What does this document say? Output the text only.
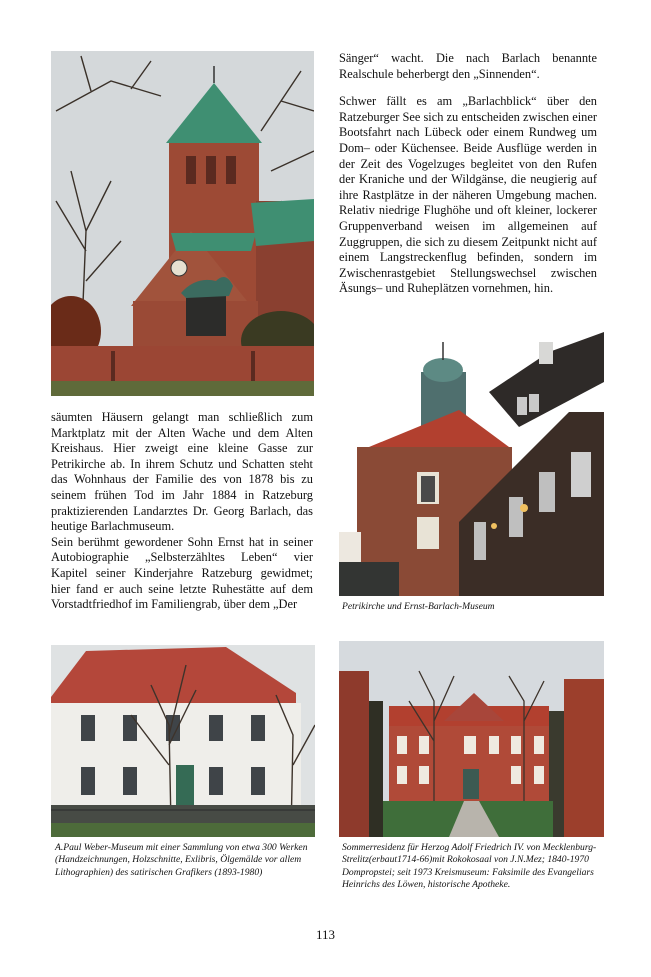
Sänger“ wacht. Die nach Barlach benannte Realschule beherbergt den „Sinnenden“.

Schwer fällt es am „Barlachblick“ über den Ratzeburger See sich zu entscheiden zwischen einer Bootsfahrt nach Lübeck oder einem Rundweg um Dom– oder Küchensee. Beide Ausflüge werden in der Zeit des Vogelzuges begleitet von den Rufen der Kraniche und der Wildgänse, die neugierig auf ihre Rastplätze in der näheren Umgebung machen. Relativ niedrige Flughöhe und oft kleiner, lockerer Gruppenverband weisen im allgemeinen auf Zuggruppen, die sich zu diesem Zeitpunkt nicht auf einem Langstreckenflug befinden, sondern im Zwischenrastgebiet Stellungswechsel zwischen Äsungs– und Ruheplätzen vornehmen, hin.

säumten Häusern gelangt man schließlich zum Marktplatz mit der Alten Wache und dem Alten Kreishaus. Hier zweigt eine kleine Gasse zur Petrikirche ab. In ihrem Schutz und Schatten steht das Wohnhaus der Familie des von 1878 bis zu seinem frühen Tod im Jahr 1884 in Ratzeburg praktizierenden Landarztes Dr. Georg Barlach, das heutige Barlachmuseum.

Sein berühmt gewordener Sohn Ernst hat in seiner Autobiographie „Selbsterzähltes Leben“ vier Kapitel seiner Kinderjahre Ratzeburg gewidmet; hier fand er auch seine letzte Ruhestätte auf dem Vorstadtfriedhof im Familiengrab, über dem „Der	Petrikirche und Ernst-Barlach-Museum
A.Paul Weber-Museum mit einer Sammlung von etwa 300 Werken (Handzeichnungen, Holzschnitte, Exlibris, Ölgemälde vor allem Lithographien) des satirischen Grafikers (1893-1980)
Sommerresidenz für Herzog Adolf Friedrich IV. von Mecklenburg-Strelitz(erbaut1714-66)mit Rokokosaal von J.N.Mez; 1840-1970 Dompropstei; seit 1973 Kreismuseum: Faksimile des Evangeliars Heinrichs des Löwen, historische Apotheke.
113
